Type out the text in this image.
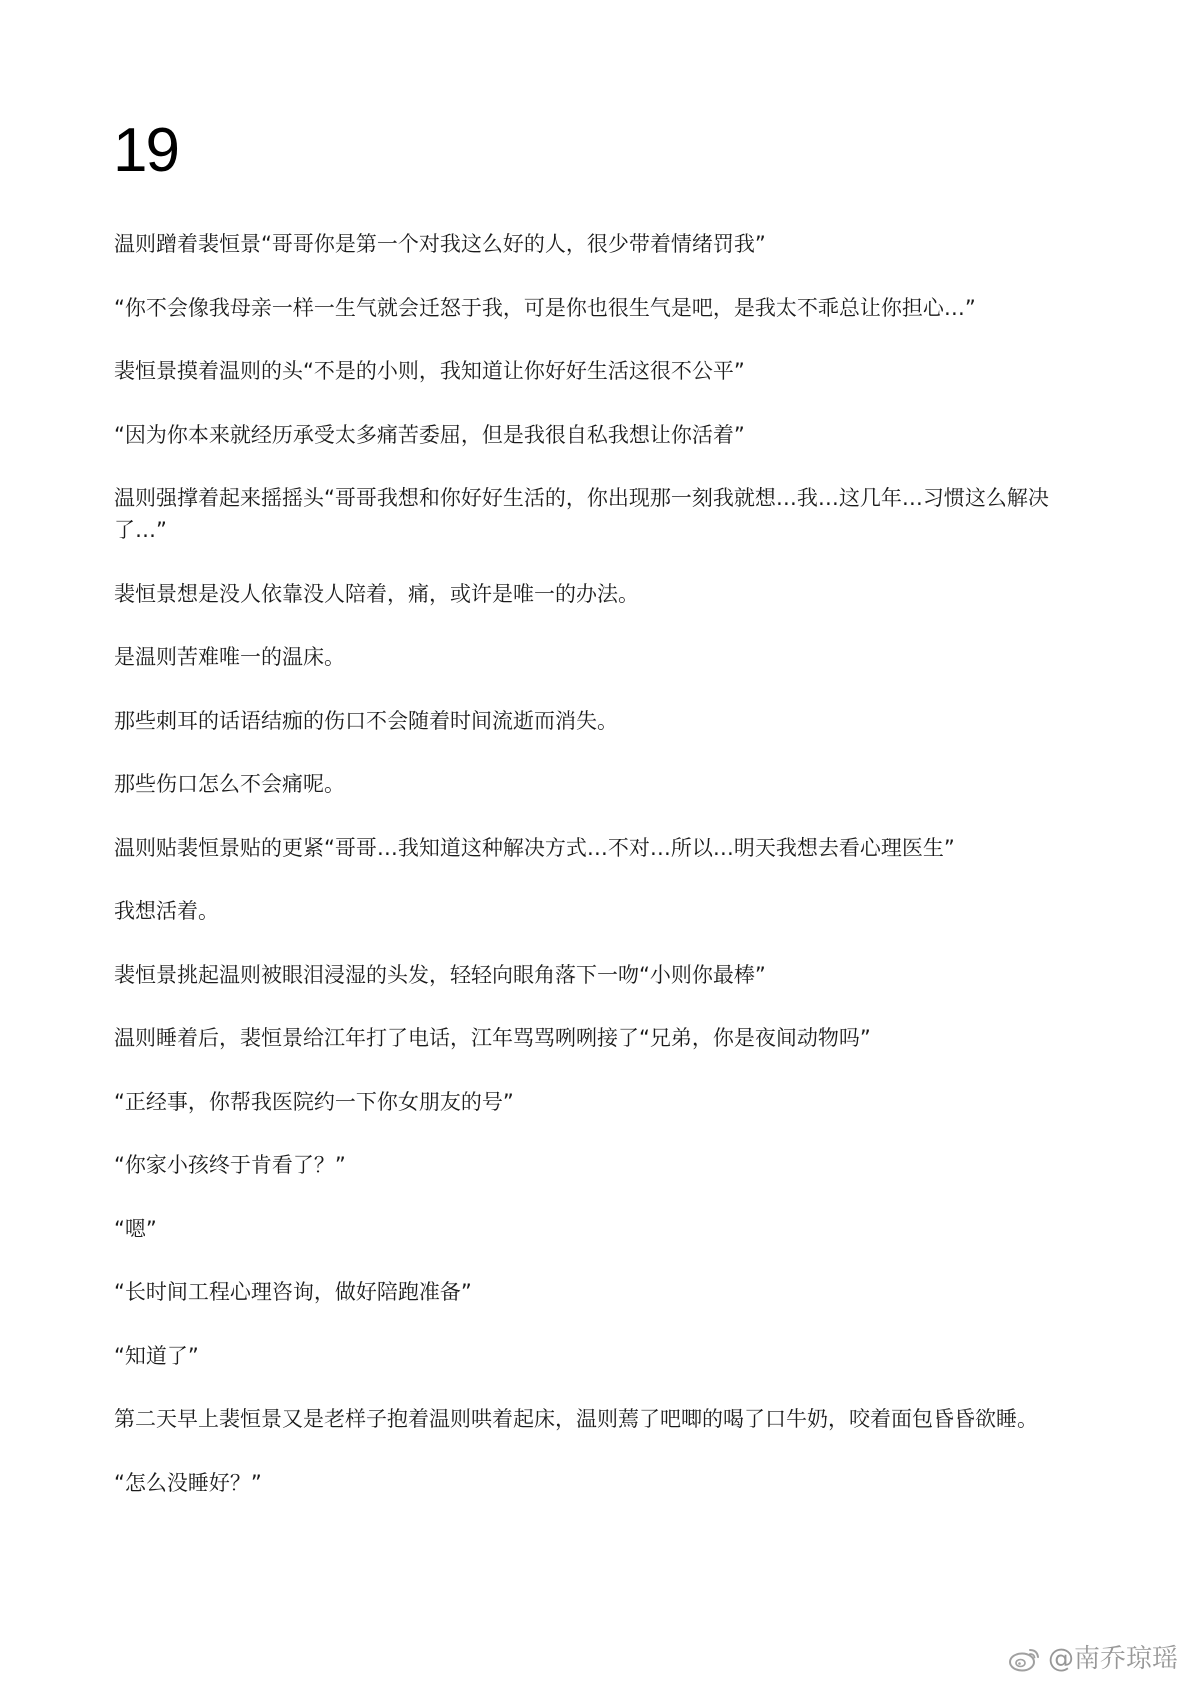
19

温则蹭着裴恒景“哥哥你是第一个对我这么好的人，很少带着情绪罚我”

“你不会像我母亲一样一生气就会迁怒于我，可是你也很生气是吧，是我太不乖总让你担心…”

裴恒景摸着温则的头“不是的小则，我知道让你好好生活这很不公平”

“因为你本来就经历承受太多痛苦委屈，但是我很自私我想让你活着”

温则强撑着起来摇摇头“哥哥我想和你好好生活的，你出现那一刻我就想…我…这几年…习惯这么解决了…”

裴恒景想是没人依靠没人陪着，痛，或许是唯一的办法。

是温则苦难唯一的温床。

那些刺耳的话语结痂的伤口不会随着时间流逝而消失。

那些伤口怎么不会痛呢。

温则贴裴恒景贴的更紧“哥哥…我知道这种解决方式…不对…所以…明天我想去看心理医生”

我想活着。

裴恒景挑起温则被眼泪浸湿的头发，轻轻向眼角落下一吻“小则你最棒”

温则睡着后，裴恒景给江年打了电话，江年骂骂咧咧接了“兄弟，你是夜间动物吗”

“正经事，你帮我医院约一下你女朋友的号”

“你家小孩终于肯看了？”

“嗯”

“长时间工程心理咨询，做好陪跑准备”

“知道了”

第二天早上裴恒景又是老样子抱着温则哄着起床，温则蔫了吧唧的喝了口牛奶，咬着面包昏昏欲睡。

“怎么没睡好？”

@南乔琼瑶
